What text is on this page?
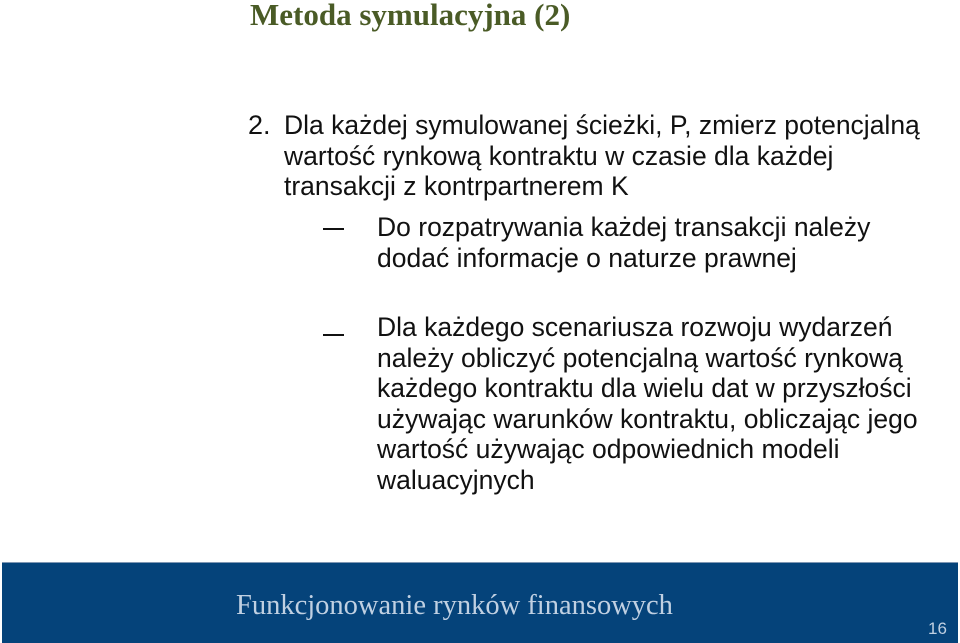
Metoda symulacyjna (2)
2. Dla każdej symulowanej ścieżki, P, zmierz potencjalną wartość rynkową kontraktu w czasie dla każdej transakcji z kontrpartnerem K

Do rozpatrywania każdej transakcji należy dodać informacje o naturze prawnej

Dla każdego scenariusza rozwoju wydarzeń należy obliczyć potencjalną wartość rynkową każdego kontraktu dla wielu dat w przyszłości używając warunków kontraktu, obliczając jego wartość używając odpowiednich modeli waluacyjnych

Funkcjonowanie rynków finansowych
16
